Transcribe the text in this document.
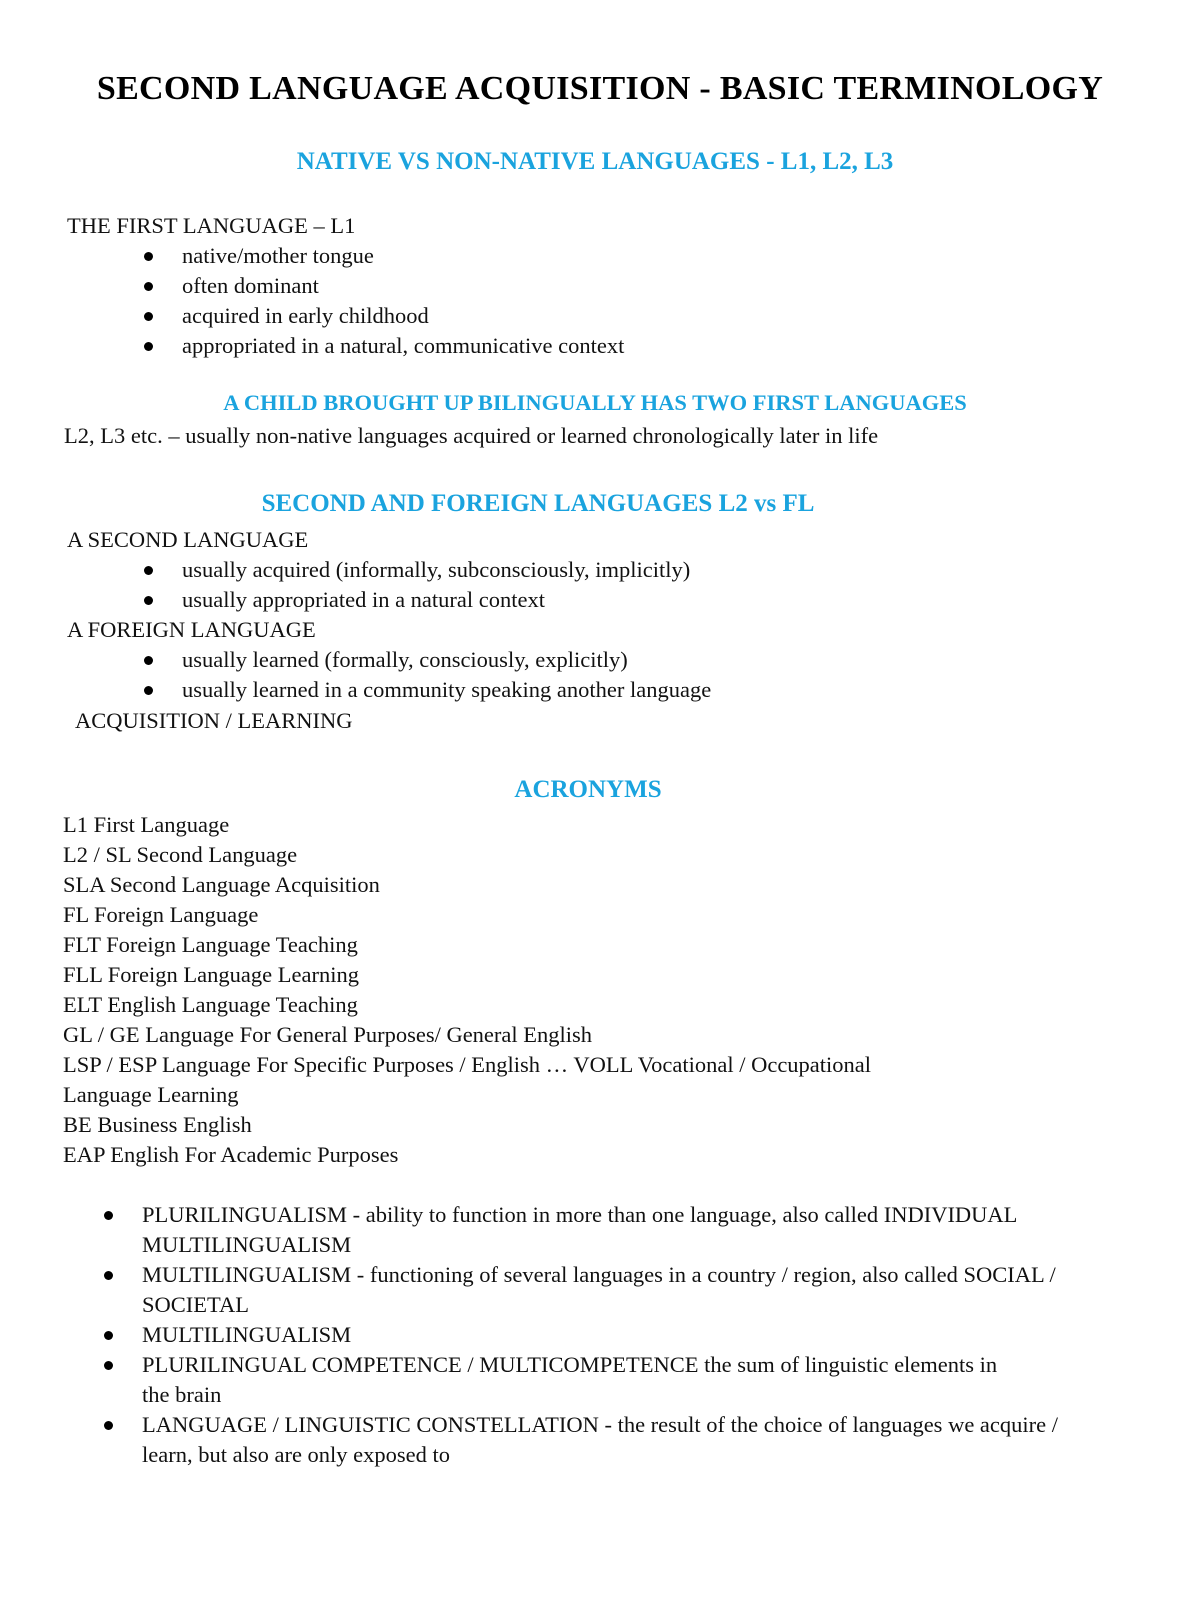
SECOND LANGUAGE ACQUISITION - BASIC TERMINOLOGY
NATIVE VS NON-NATIVE LANGUAGES - L1, L2, L3
THE FIRST LANGUAGE – L1
native/mother tongue
often dominant
acquired in early childhood
appropriated in a natural, communicative context
A CHILD BROUGHT UP BILINGUALLY HAS TWO FIRST LANGUAGES
L2, L3 etc. – usually non-native languages acquired or learned chronologically later in life
SECOND AND FOREIGN LANGUAGES L2 vs FL
A SECOND LANGUAGE
usually acquired (informally, subconsciously, implicitly)
usually appropriated in a natural context
A FOREIGN LANGUAGE
usually learned (formally, consciously, explicitly)
usually learned in a community speaking another language
ACQUISITION / LEARNING
ACRONYMS
L1 First Language
L2 / SL Second Language
SLA Second Language Acquisition
FL Foreign Language
FLT Foreign Language Teaching
FLL Foreign Language Learning
ELT English Language Teaching
GL / GE Language For General Purposes/ General English
LSP / ESP Language For Specific Purposes / English … VOLL Vocational / Occupational
Language Learning
BE Business English
EAP English For Academic Purposes
PLURILINGUALISM - ability to function in more than one language, also called INDIVIDUAL MULTILINGUALISM
MULTILINGUALISM - functioning of several languages in a country / region, also called SOCIAL / SOCIETAL
MULTILINGUALISM
PLURILINGUAL COMPETENCE / MULTICOMPETENCE the sum of linguistic elements in the brain
LANGUAGE / LINGUISTIC CONSTELLATION - the result of the choice of languages we acquire / learn, but also are only exposed to
